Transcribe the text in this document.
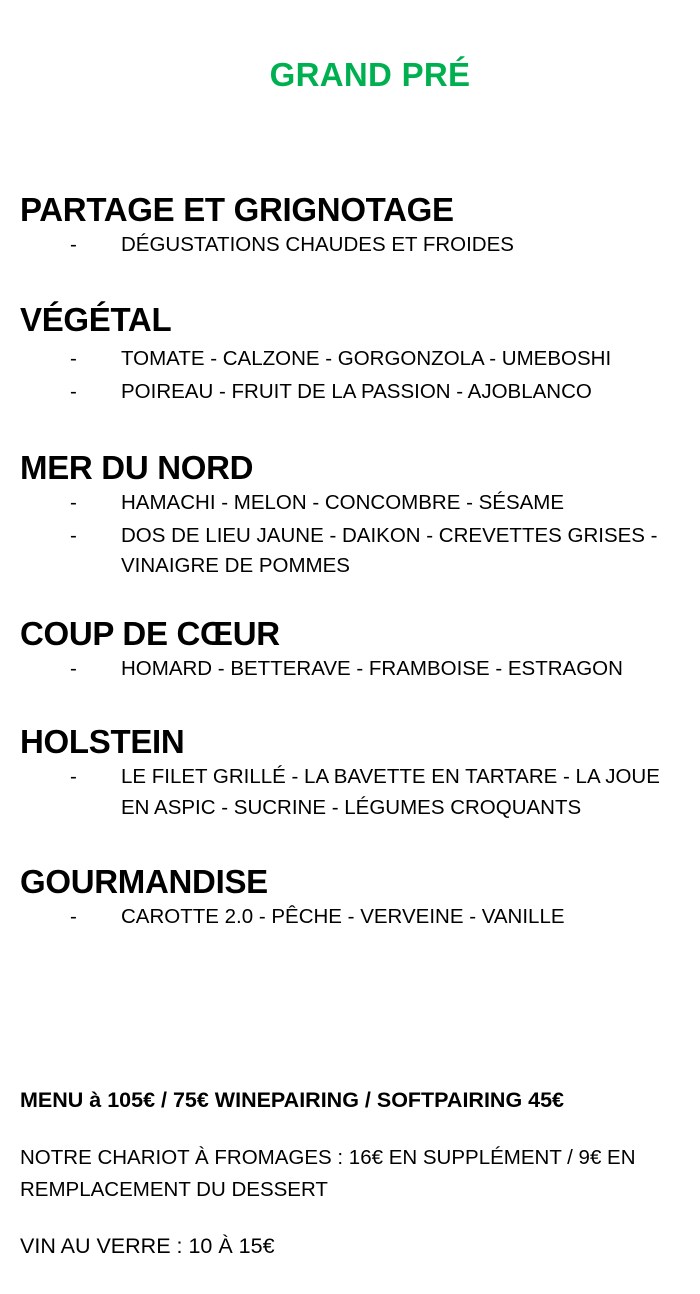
GRAND PRÉ
PARTAGE ET GRIGNOTAGE
- DÉGUSTATIONS CHAUDES ET FROIDES
VÉGÉTAL
- TOMATE - CALZONE - GORGONZOLA - UMEBOSHI
- POIREAU - FRUIT DE LA PASSION - AJOBLANCO
MER DU NORD
- HAMACHI - MELON - CONCOMBRE - SÉSAME
- DOS DE LIEU JAUNE - DAIKON - CREVETTES GRISES - VINAIGRE DE POMMES
COUP DE CŒUR
- HOMARD - BETTERAVE - FRAMBOISE - ESTRAGON
HOLSTEIN
- LE FILET GRILLÉ - LA BAVETTE EN TARTARE - LA JOUE EN ASPIC - SUCRINE - LÉGUMES CROQUANTS
GOURMANDISE
- CAROTTE 2.0 - PÊCHE - VERVEINE - VANILLE
MENU à 105€ / 75€ WINEPAIRING / SOFTPAIRING 45€
NOTRE CHARIOT À FROMAGES : 16€ EN SUPPLÉMENT / 9€ EN REMPLACEMENT DU DESSERT
VIN AU VERRE : 10 À 15€
